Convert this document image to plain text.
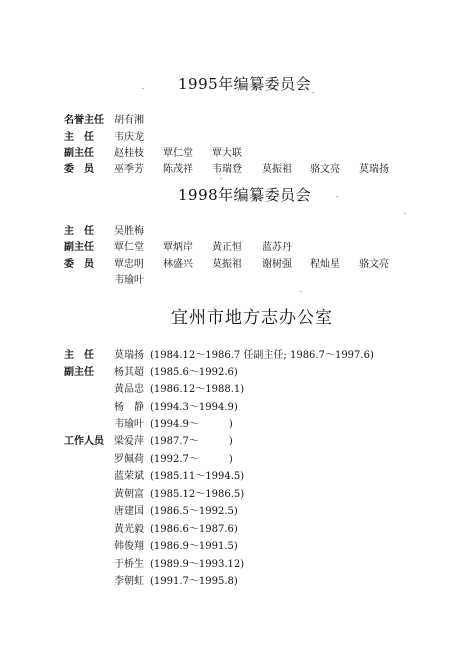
1995年编纂委员会
名誉主任 胡有湘
主　任 韦庆龙
副主任 赵桂枝 覃仁堂 覃大联
委　员 巫季芳 陈茂祥 韦瑞登 莫振祖 骆文亮 莫瑞扬
1998年编纂委员会
主　任 吴胜梅
副主任 覃仁堂 覃炳岸 黄正恒 蓝苏丹
委　员 覃忠明 林盛兴 莫振祖 谢树强 程灿星 骆文亮
韦瑜叶
宜州市地方志办公室
主　任 莫瑞扬 (1984.12～1986.7 任副主任; 1986.7～1997.6)
副主任 杨其超 (1985.6～1992.6)
黄品忠 (1986.12～1988.1)
杨　静 (1994.3～1994.9)
韦瑜叶 (1994.9～　　　)
工作人员 梁爱萍 (1987.7～　　　)
罗佩荷 (1992.7～　　　)
蓝荣斌 (1985.11～1994.5)
黄朝富 (1985.12～1986.5)
唐建国 (1986.5～1992.5)
黄光毅 (1986.6～1987.6)
韩俊翔 (1986.9～1991.5)
于桥生 (1989.9～1993.12)
李朝虹 (1991.7～1995.8)
